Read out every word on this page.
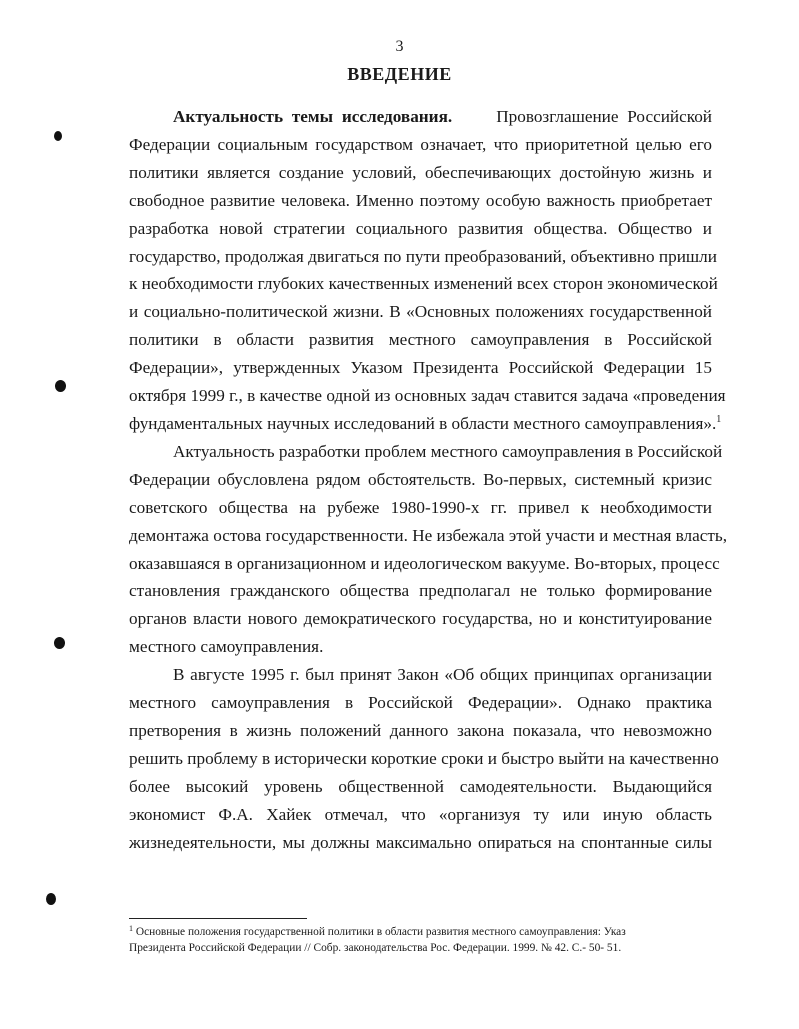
3
ВВЕДЕНИЕ
Актуальность темы исследования.	Провозглашение Российской
Федерации социальным государством означает, что приоритетной целью его
политики является создание условий, обеспечивающих достойную жизнь и
свободное развитие человека. Именно поэтому особую важность приобретает
разработка новой стратегии социального развития общества. Общество и
государство, продолжая двигаться по пути преобразований, объективно пришли
к необходимости глубоких качественных изменений всех сторон экономической
и социально-политической жизни. В «Основных положениях государственной
политики в области развития местного самоуправления в Российской
Федерации», утвержденных Указом Президента Российской Федерации 15
октября 1999 г., в качестве одной из основных задач ставится задача «проведения
фундаментальных научных исследований в области местного самоуправления».$^1$
Актуальность разработки проблем местного самоуправления в Российской
Федерации обусловлена рядом обстоятельств. Во-первых, системный кризис
советского общества на рубеже 1980-1990-х гг. привел к необходимости
демонтажа остова государственности. Не избежала этой участи и местная власть,
оказавшаяся в организационном и идеологическом вакууме. Во-вторых, процесс
становления гражданского общества предполагал не только формирование
органов власти нового демократического государства, но и конституирование
местного самоуправления.
В августе 1995 г. был принят Закон «Об общих принципах организации
местного самоуправления в Российской Федерации». Однако практика
претворения в жизнь положений данного закона показала, что невозможно
решить проблему в исторически короткие сроки и быстро выйти на качественно
более высокий уровень общественной самодеятельности. Выдающийся
экономист Ф.А. Хайек отмечал, что «организуя ту или иную область
жизнедеятельности, мы должны максимально опираться на спонтанные силы
$^1$ Основные положения государственной политики в области развития местного самоуправления: Указ
Президента Российской Федерации // Собр. законодательства Рос. Федерации. 1999. № 42. С.- 50- 51.
